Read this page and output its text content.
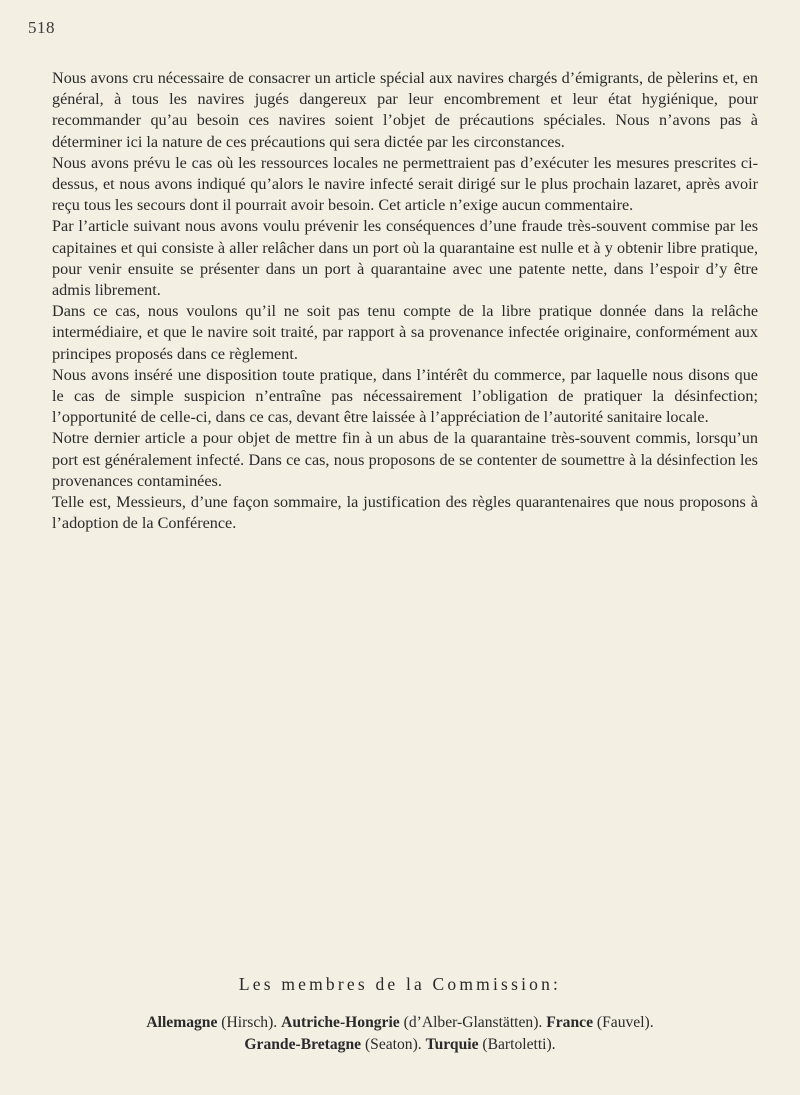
518

Nous avons cru nécessaire de consacrer un article spécial aux navires chargés d’émigrants, de pèlerins et, en général, à tous les navires jugés dangereux par leur encombrement et leur état hygiénique, pour recommander qu’au besoin ces navires soient l’objet de précautions spéciales. Nous n’avons pas à déterminer ici la nature de ces précautions qui sera dictée par les circonstances.

Nous avons prévu le cas où les ressources locales ne permettraient pas d’exécuter les mesures prescrites ci-dessus, et nous avons indiqué qu’alors le navire infecté serait dirigé sur le plus prochain lazaret, après avoir reçu tous les secours dont il pourrait avoir besoin. Cet article n’exige aucun commentaire.

Par l’article suivant nous avons voulu prévenir les conséquences d’une fraude très-souvent commise par les capitaines et qui consiste à aller relâcher dans un port où la quarantaine est nulle et à y obtenir libre pratique, pour venir ensuite se présenter dans un port à quarantaine avec une patente nette, dans l’espoir d’y être admis librement.

Dans ce cas, nous voulons qu’il ne soit pas tenu compte de la libre pratique donnée dans la relâche intermédiaire, et que le navire soit traité, par rapport à sa provenance infectée originaire, conformément aux principes proposés dans ce règlement.

Nous avons inséré une disposition toute pratique, dans l’intérêt du commerce, par laquelle nous disons que le cas de simple suspicion n’entraîne pas nécessairement l’obligation de pratiquer la désinfection; l’opportunité de celle-ci, dans ce cas, devant être laissée à l’appréciation de l’autorité sanitaire locale.

Notre dernier article a pour objet de mettre fin à un abus de la quarantaine très-souvent commis, lorsqu’un port est généralement infecté. Dans ce cas, nous proposons de se contenter de soumettre à la désinfection les provenances contaminées.

Telle est, Messieurs, d’une façon sommaire, la justification des règles quarantenaires que nous proposons à l’adoption de la Conférence.

Les membres de la Commission:
Allemagne (Hirsch). Autriche-Hongrie (d’Alber-Glanstätten). France (Fauvel).
Grande-Bretagne (Seaton). Turquie (Bartoletti).
